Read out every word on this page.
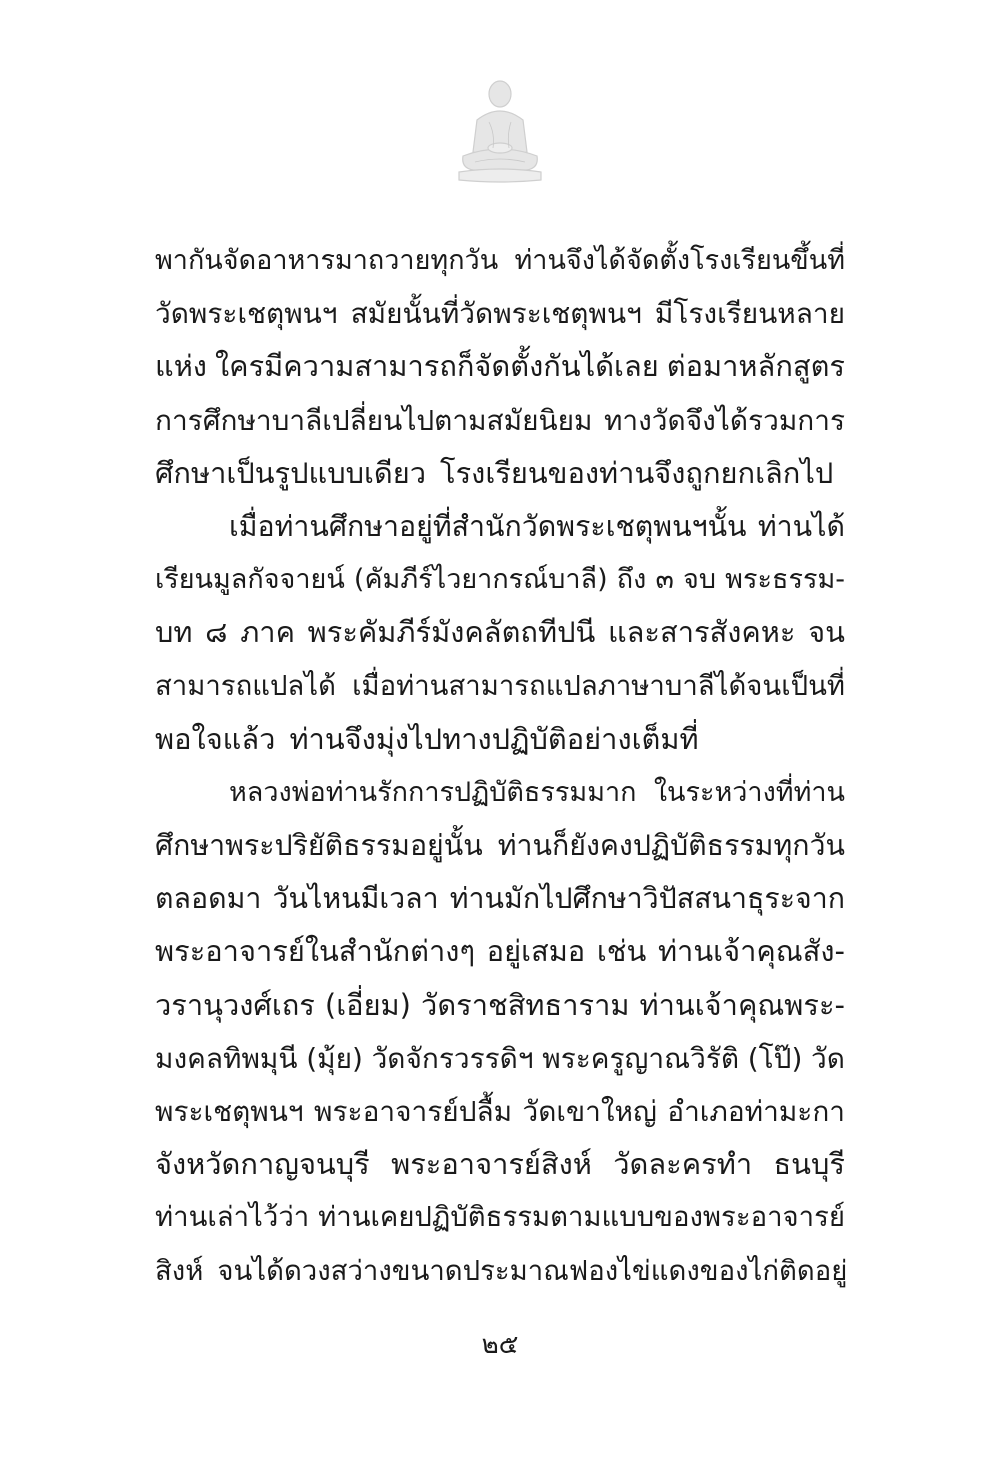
พากันจัดอาหารมาถวายทุกวัน ท่านจึงได้จัดตั้งโรงเรียนขึ้นที่
วัดพระเชตุพนฯ สมัยนั้นที่วัดพระเชตุพนฯ มีโรงเรียนหลาย
แห่ง ใครมีความสามารถก็จัดตั้งกันได้เลย ต่อมาหลักสูตร
การศึกษาบาลีเปลี่ยนไปตามสมัยนิยม ทางวัดจึงได้รวมการ
ศึกษาเป็นรูปแบบเดียว โรงเรียนของท่านจึงถูกยกเลิกไป
เมื่อท่านศึกษาอยู่ที่สำนักวัดพระเชตุพนฯนั้น ท่านได้
เรียนมูลกัจจายน์ (คัมภีร์ไวยากรณ์บาลี) ถึง ๓ จบ พระธรรม-
บท ๘ ภาค พระคัมภีร์มังคลัตถทีปนี และสารสังคหะ จน
สามารถแปลได้ เมื่อท่านสามารถแปลภาษาบาลีได้จนเป็นที่
พอใจแล้ว ท่านจึงมุ่งไปทางปฏิบัติอย่างเต็มที่
หลวงพ่อท่านรักการปฏิบัติธรรมมาก ในระหว่างที่ท่าน
ศึกษาพระปริยัติธรรมอยู่นั้น ท่านก็ยังคงปฏิบัติธรรมทุกวัน
ตลอดมา วันไหนมีเวลา ท่านมักไปศึกษาวิปัสสนาธุระจาก
พระอาจารย์ในสำนักต่างๆ อยู่เสมอ เช่น ท่านเจ้าคุณสัง-
วรานุวงศ์เถร (เอี่ยม) วัดราชสิทธาราม ท่านเจ้าคุณพระ-
มงคลทิพมุนี (มุ้ย) วัดจักรวรรดิฯ พระครูญาณวิรัติ (โป๊) วัด
พระเชตุพนฯ พระอาจารย์ปลื้ม วัดเขาใหญ่ อำเภอท่ามะกา
จังหวัดกาญจนบุรี พระอาจารย์สิงห์ วัดละครทำ ธนบุรี
ท่านเล่าไว้ว่า ท่านเคยปฏิบัติธรรมตามแบบของพระอาจารย์
สิงห์ จนได้ดวงสว่างขนาดประมาณฟองไข่แดงของไก่ติดอยู่
๒๕
